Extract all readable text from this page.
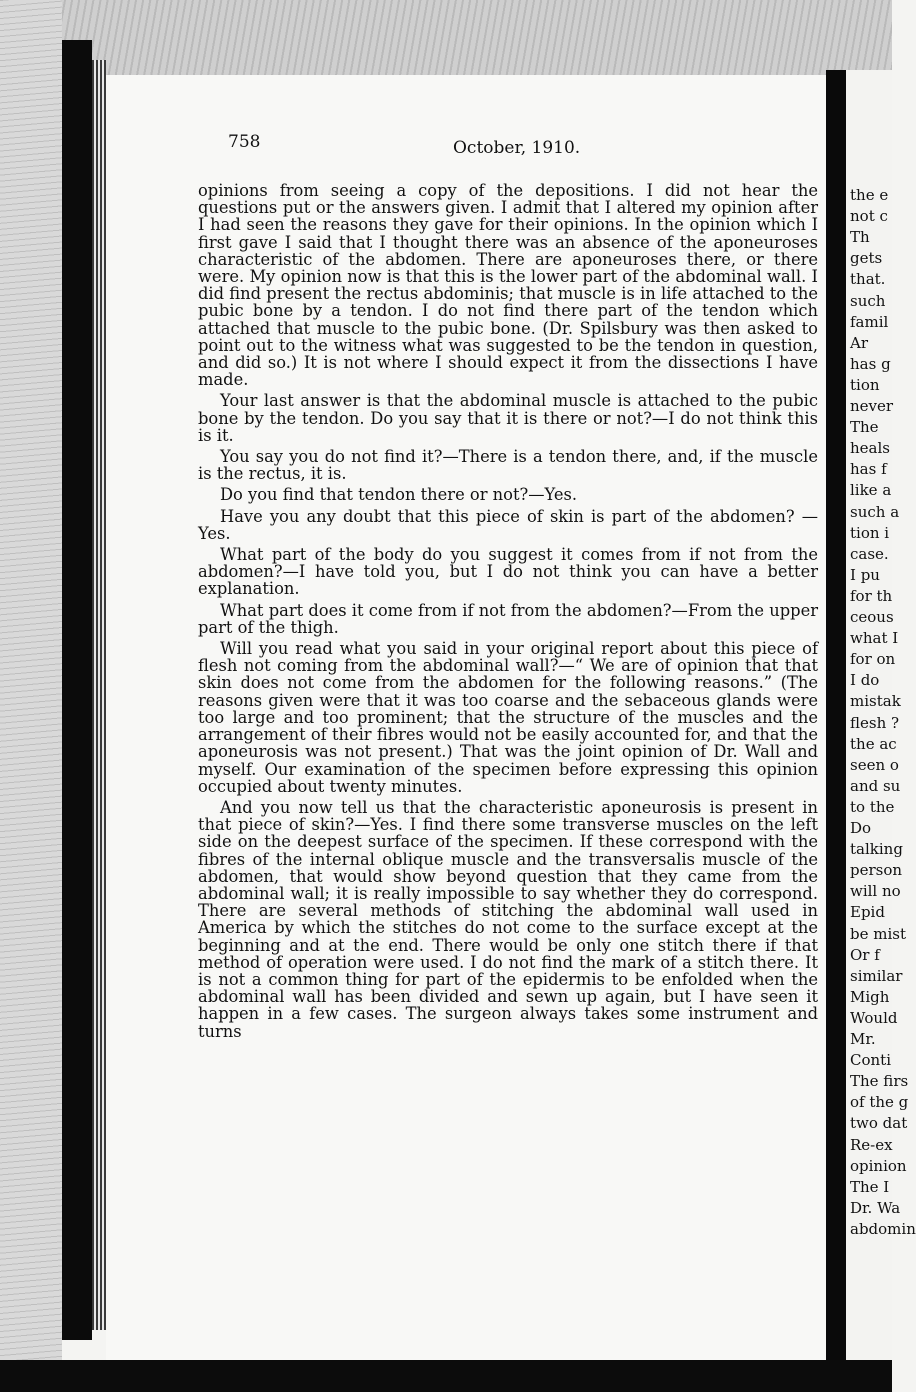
758	October, 1910.

opinions from seeing a copy of the depositions. I did not hear the questions put or the answers given. I admit that I altered my opinion after I had seen the reasons they gave for their opinions. In the opinion which I first gave I said that I thought there was an absence of the aponeuroses characteristic of the abdomen. There are aponeuroses there, or there were. My opinion now is that this is the lower part of the abdominal wall. I did find present the rectus abdominis; that muscle is in life attached to the pubic bone by a tendon. I do not find there part of the tendon which attached that muscle to the pubic bone. (Dr. Spilsbury was then asked to point out to the witness what was suggested to be the tendon in question, and did so.) It is not where I should expect it from the dissections I have made.

Your last answer is that the abdominal muscle is attached to the pubic bone by the tendon. Do you say that it is there or not?—I do not think this is it.

You say you do not find it?—There is a tendon there, and, if the muscle is the rectus, it is.

Do you find that tendon there or not?—Yes.

Have you any doubt that this piece of skin is part of the abdomen? —Yes.

What part of the body do you suggest it comes from if not from the abdomen?—I have told you, but I do not think you can have a better explanation.

What part does it come from if not from the abdomen?—From the upper part of the thigh.

Will you read what you said in your original report about this piece of flesh not coming from the abdominal wall?—“ We are of opinion that that skin does not come from the abdomen for the following reasons.” (The reasons given were that it was too coarse and the sebaceous glands were too large and too prominent; that the structure of the muscles and the arrangement of their fibres would not be easily accounted for, and that the aponeurosis was not present.) That was the joint opinion of Dr. Wall and myself. Our examination of the specimen before expressing this opinion occupied about twenty minutes.

And you now tell us that the characteristic aponeurosis is present in that piece of skin?—Yes. I find there some transverse muscles on the left side on the deepest surface of the specimen. If these correspond with the fibres of the internal oblique muscle and the transversalis muscle of the abdomen, that would show beyond question that they came from the abdominal wall; it is really impossible to say whether they do correspond. There are several methods of stitching the abdominal wall used in America by which the stitches do not come to the surface except at the beginning and at the end. There would be only one stitch there if that method of operation were used. I do not find the mark of a stitch there. It is not a common thing for part of the epidermis to be enfolded when the abdominal wall has been divided and sewn up again, but I have seen it happen in a few cases. The surgeon always takes some instrument and turns

the e
not c
Th
gets
that.
such
famil
Ar
has g
tion
never
The
heals
has f
like a
such a
tion i
case.
I pu
for th
ceous
what I
for on
I do
mistak
flesh ?
the ac
seen o
and su
to the
Do
talking
person
will no
Epid
be mist
Or f
similar
Migh
Would
Mr.
Conti
The firs
of the g
two dat
Re-ex
opinion
The I
Dr. Wa
abdomin
